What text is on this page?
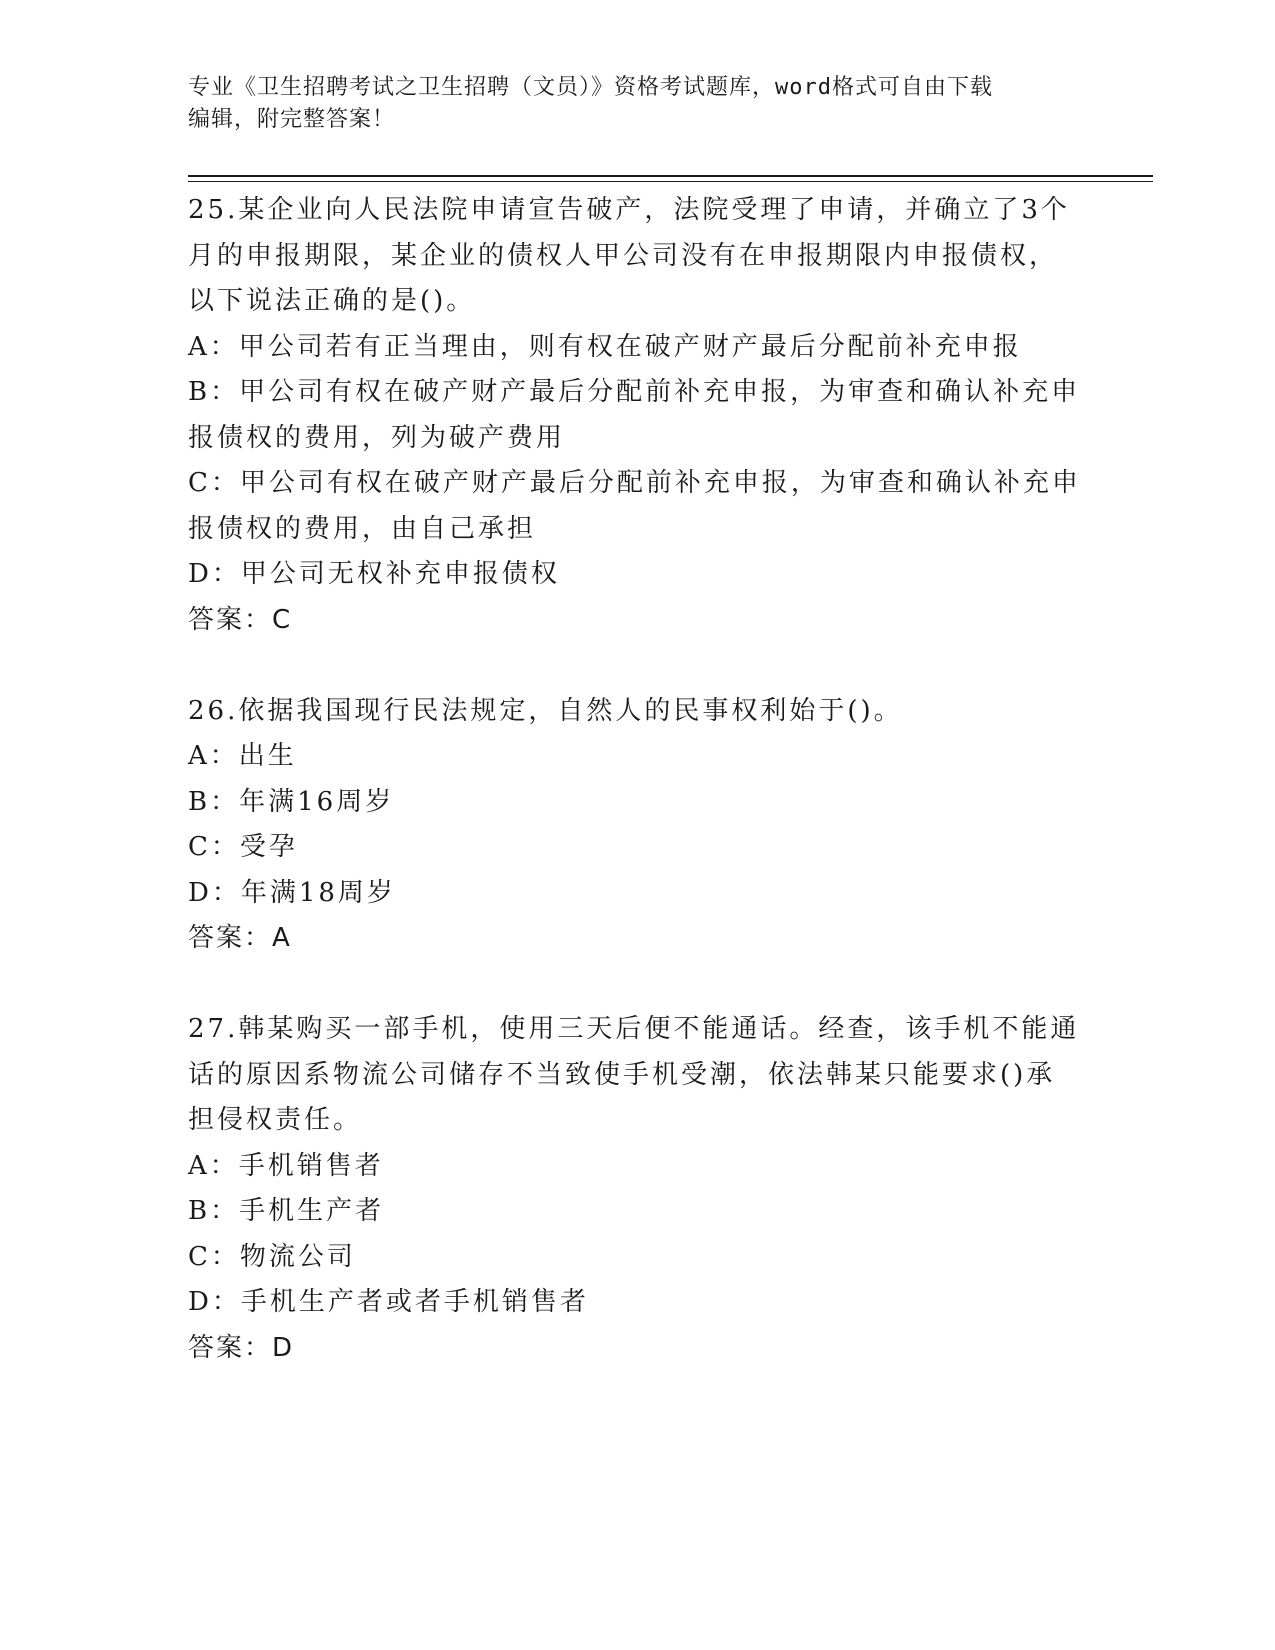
专业《卫生招聘考试之卫生招聘（文员）》资格考试题库，word格式可自由下载
编辑，附完整答案！
25.某企业向人民法院申请宣告破产，法院受理了申请，并确立了3个
月的申报期限，某企业的债权人甲公司没有在申报期限内申报债权，
以下说法正确的是()。
A：甲公司若有正当理由，则有权在破产财产最后分配前补充申报
B：甲公司有权在破产财产最后分配前补充申报，为审查和确认补充申
报债权的费用，列为破产费用
C：甲公司有权在破产财产最后分配前补充申报，为审查和确认补充申
报债权的费用，由自己承担
D：甲公司无权补充申报债权
答案：C
26.依据我国现行民法规定，自然人的民事权利始于()。
A：出生
B：年满16周岁
C：受孕
D：年满18周岁
答案：A
27.韩某购买一部手机，使用三天后便不能通话。经查，该手机不能通
话的原因系物流公司储存不当致使手机受潮，依法韩某只能要求()承
担侵权责任。
A：手机销售者
B：手机生产者
C：物流公司
D：手机生产者或者手机销售者
答案：D
